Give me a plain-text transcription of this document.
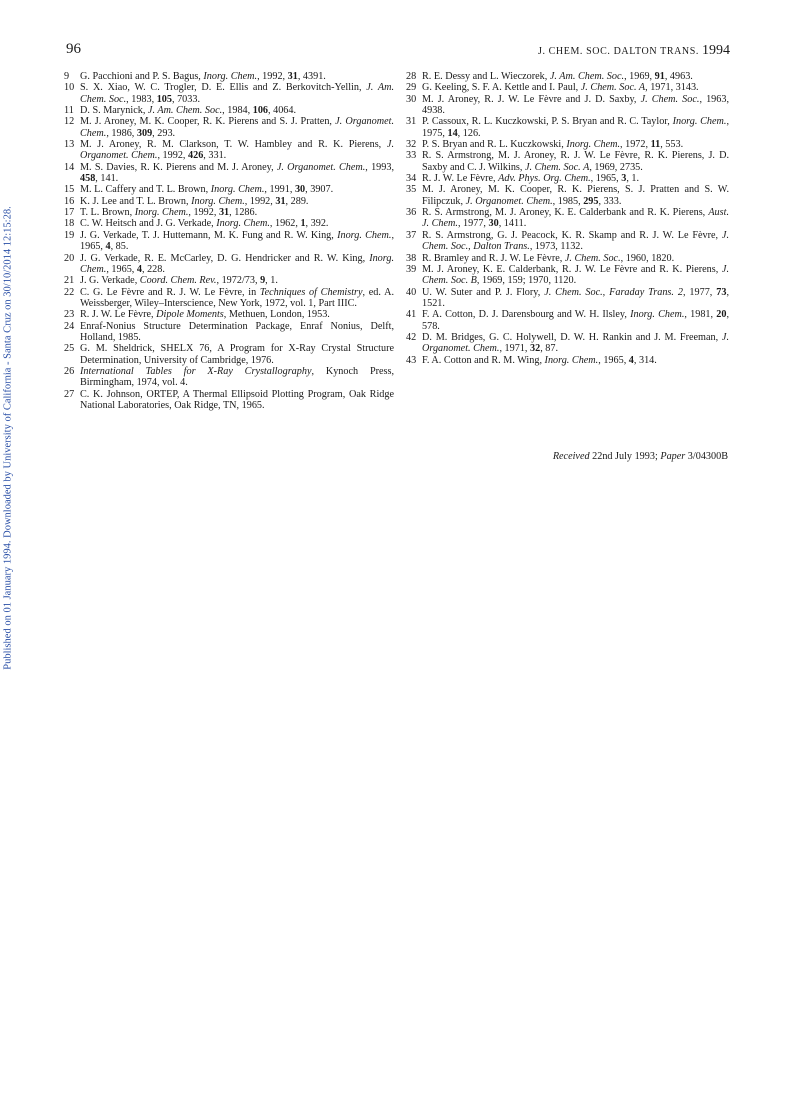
Published on 01 January 1994. Downloaded by University of California - Santa Cruz on 30/10/2014 12:15:28.
96	J. CHEM. SOC. DALTON TRANS. 1994
9 G. Pacchioni and P. S. Bagus, Inorg. Chem., 1992, 31, 4391.
10 S. X. Xiao, W. C. Trogler, D. E. Ellis and Z. Berkovitch-Yellin, J. Am. Chem. Soc., 1983, 105, 7033.
11 D. S. Marynick, J. Am. Chem. Soc., 1984, 106, 4064.
12 M. J. Aroney, M. K. Cooper, R. K. Pierens and S. J. Pratten, J. Organomet. Chem., 1986, 309, 293.
13 M. J. Aroney, R. M. Clarkson, T. W. Hambley and R. K. Pierens, J. Organomet. Chem., 1992, 426, 331.
14 M. S. Davies, R. K. Pierens and M. J. Aroney, J. Organomet. Chem., 1993, 458, 141.
15 M. L. Caffery and T. L. Brown, Inorg. Chem., 1991, 30, 3907.
16 K. J. Lee and T. L. Brown, Inorg. Chem., 1992, 31, 289.
17 T. L. Brown, Inorg. Chem., 1992, 31, 1286.
18 C. W. Heitsch and J. G. Verkade, Inorg. Chem., 1962, 1, 392.
19 J. G. Verkade, T. J. Huttemann, M. K. Fung and R. W. King, Inorg. Chem., 1965, 4, 85.
20 J. G. Verkade, R. E. McCarley, D. G. Hendricker and R. W. King, Inorg. Chem., 1965, 4, 228.
21 J. G. Verkade, Coord. Chem. Rev., 1972/73, 9, 1.
22 C. G. Le Fèvre and R. J. W. Le Fèvre, in Techniques of Chemistry, ed. A. Weissberger, Wiley–Interscience, New York, 1972, vol. 1, Part IIIC.
23 R. J. W. Le Fèvre, Dipole Moments, Methuen, London, 1953.
24 Enraf-Nonius Structure Determination Package, Enraf Nonius, Delft, Holland, 1985.
25 G. M. Sheldrick, SHELX 76, A Program for X-Ray Crystal Structure Determination, University of Cambridge, 1976.
26 International Tables for X-Ray Crystallography, Kynoch Press, Birmingham, 1974, vol. 4.
27 C. K. Johnson, ORTEP, A Thermal Ellipsoid Plotting Program, Oak Ridge National Laboratories, Oak Ridge, TN, 1965.
28 R. E. Dessy and L. Wieczorek, J. Am. Chem. Soc., 1969, 91, 4963.
29 G. Keeling, S. F. A. Kettle and I. Paul, J. Chem. Soc. A, 1971, 3143.
30 M. J. Aroney, R. J. W. Le Fèvre and J. D. Saxby, J. Chem. Soc., 1963, 4938.
31 P. Cassoux, R. L. Kuczkowski, P. S. Bryan and R. C. Taylor, Inorg. Chem., 1975, 14, 126.
32 P. S. Bryan and R. L. Kuczkowski, Inorg. Chem., 1972, 11, 553.
33 R. S. Armstrong, M. J. Aroney, R. J. W. Le Fèvre, R. K. Pierens, J. D. Saxby and C. J. Wilkins, J. Chem. Soc. A, 1969, 2735.
34 R. J. W. Le Fèvre, Adv. Phys. Org. Chem., 1965, 3, 1.
35 M. J. Aroney, M. K. Cooper, R. K. Pierens, S. J. Pratten and S. W. Filipczuk, J. Organomet. Chem., 1985, 295, 333.
36 R. S. Armstrong, M. J. Aroney, K. E. Calderbank and R. K. Pierens, Aust. J. Chem., 1977, 30, 1411.
37 R. S. Armstrong, G. J. Peacock, K. R. Skamp and R. J. W. Le Fèvre, J. Chem. Soc., Dalton Trans., 1973, 1132.
38 R. Bramley and R. J. W. Le Fèvre, J. Chem. Soc., 1960, 1820.
39 M. J. Aroney, K. E. Calderbank, R. J. W. Le Fèvre and R. K. Pierens, J. Chem. Soc. B, 1969, 159; 1970, 1120.
40 U. W. Suter and P. J. Flory, J. Chem. Soc., Faraday Trans. 2, 1977, 73, 1521.
41 F. A. Cotton, D. J. Darensbourg and W. H. Ilsley, Inorg. Chem., 1981, 20, 578.
42 D. M. Bridges, G. C. Holywell, D. W. H. Rankin and J. M. Freeman, J. Organomet. Chem., 1971, 32, 87.
43 F. A. Cotton and R. M. Wing, Inorg. Chem., 1965, 4, 314.
Received 22nd July 1993; Paper 3/04300B
